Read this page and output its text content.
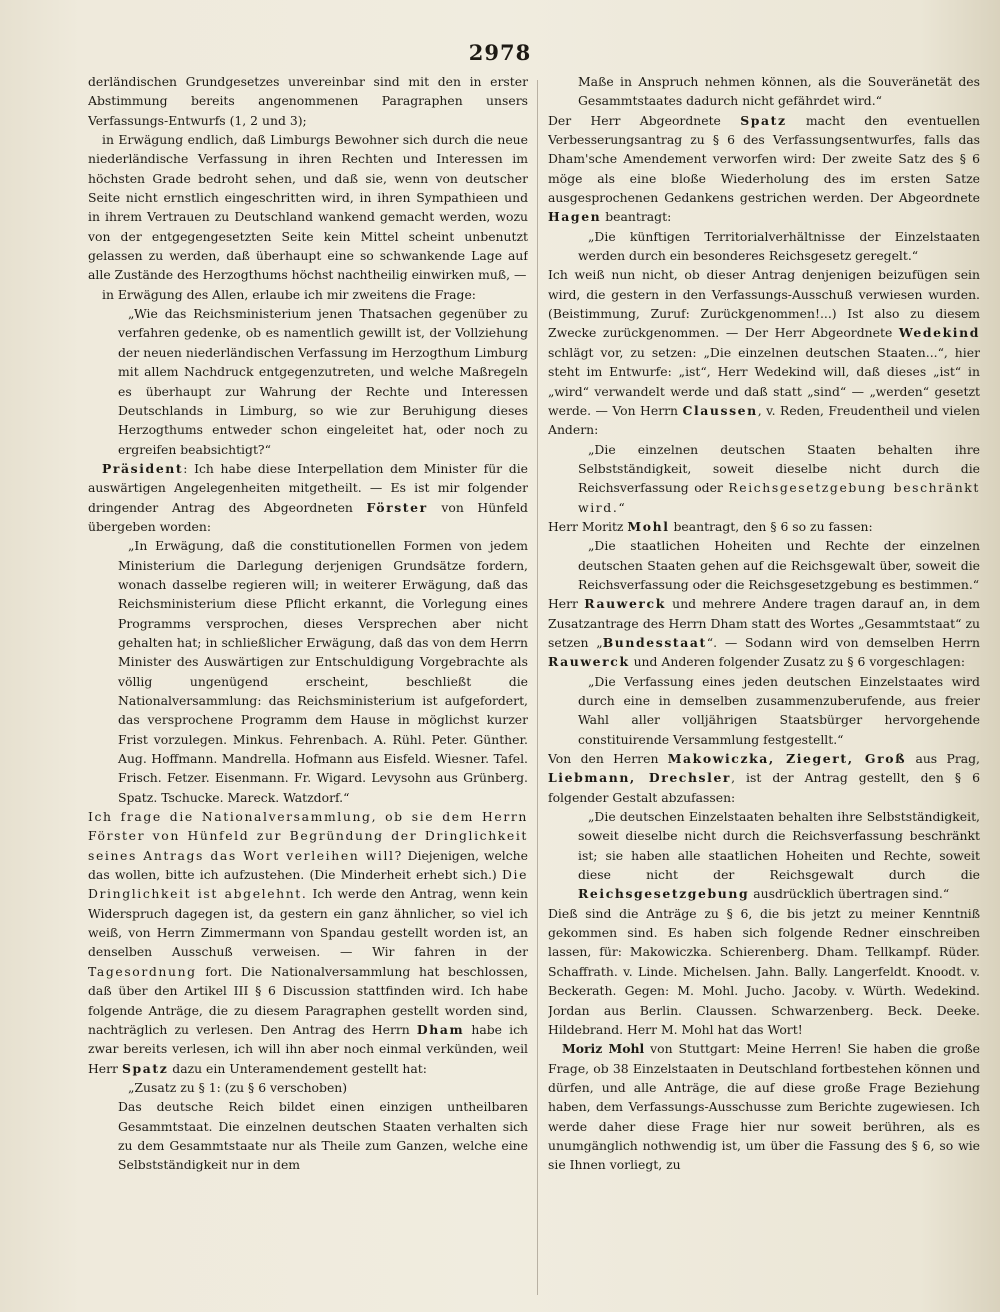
2978

derländischen Grundgesetzes unvereinbar sind mit den in erster Abstimmung bereits angenommenen Paragraphen unsers Verfassungs-Entwurfs (1, 2 und 3);

in Erwägung endlich, daß Limburgs Bewohner sich durch die neue niederländische Verfassung in ihren Rechten und Interessen im höchsten Grade bedroht sehen, und daß sie, wenn von deutscher Seite nicht ernstlich eingeschritten wird, in ihren Sympathieen und in ihrem Vertrauen zu Deutschland wankend gemacht werden, wozu von der entgegengesetzten Seite kein Mittel scheint unbenutzt gelassen zu werden, daß überhaupt eine so schwankende Lage auf alle Zustände des Herzogthums höchst nachtheilig einwirken muß, —

in Erwägung des Allen, erlaube ich mir zweitens die Frage:

„Wie das Reichsministerium jenen Thatsachen gegenüber zu verfahren gedenke, ob es namentlich gewillt ist, der Vollziehung der neuen niederländischen Verfassung im Herzogthum Limburg mit allem Nachdruck entgegenzutreten, und welche Maßregeln es überhaupt zur Wahrung der Rechte und Interessen Deutschlands in Limburg, so wie zur Beruhigung dieses Herzogthums entweder schon eingeleitet hat, oder noch zu ergreifen beabsichtigt?“

Präsident: Ich habe diese Interpellation dem Minister für die auswärtigen Angelegenheiten mitgetheilt. — Es ist mir folgender dringender Antrag des Abgeordneten Förster von Hünfeld übergeben worden:

„In Erwägung, daß die constitutionellen Formen von jedem Ministerium die Darlegung derjenigen Grundsätze fordern, wonach dasselbe regieren will; in weiterer Erwägung, daß das Reichsministerium diese Pflicht erkannt, die Vorlegung eines Programms versprochen, dieses Versprechen aber nicht gehalten hat; in schließlicher Erwägung, daß das von dem Herrn Minister des Auswärtigen zur Entschuldigung Vorgebrachte als völlig ungenügend erscheint, beschließt die Nationalversammlung: das Reichsministerium ist aufgefordert, das versprochene Programm dem Hause in möglichst kurzer Frist vorzulegen. Minkus. Fehrenbach. A. Rühl. Peter. Günther. Aug. Hoffmann. Mandrella. Hofmann aus Eisfeld. Wiesner. Tafel. Frisch. Fetzer. Eisenmann. Fr. Wigard. Levysohn aus Grünberg. Spatz. Tschucke. Mareck. Watzdorf.“

Ich frage die Nationalversammlung, ob sie dem Herrn Förster von Hünfeld zur Begründung der Dringlichkeit seines Antrags das Wort verleihen will? Diejenigen, welche das wollen, bitte ich aufzustehen. (Die Minderheit erhebt sich.) Die Dringlichkeit ist abgelehnt. Ich werde den Antrag, wenn kein Widerspruch dagegen ist, da gestern ein ganz ähnlicher, so viel ich weiß, von Herrn Zimmermann von Spandau gestellt worden ist, an denselben Ausschuß verweisen. — Wir fahren in der Tagesordnung fort. Die Nationalversammlung hat beschlossen, daß über den Artikel III § 6 Discussion stattfinden wird. Ich habe folgende Anträge, die zu diesem Paragraphen gestellt worden sind, nachträglich zu verlesen. Den Antrag des Herrn Dham habe ich zwar bereits verlesen, ich will ihn aber noch einmal verkünden, weil Herr Spatz dazu ein Unteramendement gestellt hat:

„Zusatz zu § 1: (zu § 6 verschoben)

Das deutsche Reich bildet einen einzigen untheilbaren Gesammtstaat. Die einzelnen deutschen Staaten verhalten sich zu dem Gesammtstaate nur als Theile zum Ganzen, welche eine Selbstständigkeit nur in dem

Maße in Anspruch nehmen können, als die Souveränetät des Gesammtstaates dadurch nicht gefährdet wird.“

Der Herr Abgeordnete Spatz macht den eventuellen Verbesserungsantrag zu § 6 des Verfassungsentwurfes, falls das Dham'sche Amendement verworfen wird: Der zweite Satz des § 6 möge als eine bloße Wiederholung des im ersten Satze ausgesprochenen Gedankens gestrichen werden. Der Abgeordnete Hagen beantragt:

„Die künftigen Territorialverhältnisse der Einzelstaaten werden durch ein besonderes Reichsgesetz geregelt.“

Ich weiß nun nicht, ob dieser Antrag denjenigen beizufügen sein wird, die gestern in den Verfassungs-Ausschuß verwiesen wurden. (Beistimmung, Zuruf: Zurückgenommen!...) Ist also zu diesem Zwecke zurückgenommen. — Der Herr Abgeordnete Wedekind schlägt vor, zu setzen: „Die einzelnen deutschen Staaten...“, hier steht im Entwurfe: „ist“, Herr Wedekind will, daß dieses „ist“ in „wird“ verwandelt werde und daß statt „sind“ — „werden“ gesetzt werde. — Von Herrn Claussen, v. Reden, Freudentheil und vielen Andern:

„Die einzelnen deutschen Staaten behalten ihre Selbstständigkeit, soweit dieselbe nicht durch die Reichsverfassung oder Reichsgesetzgebung beschränkt wird.“

Herr Moritz Mohl beantragt, den § 6 so zu fassen:

„Die staatlichen Hoheiten und Rechte der einzelnen deutschen Staaten gehen auf die Reichsgewalt über, soweit die Reichsverfassung oder die Reichsgesetzgebung es bestimmen.“

Herr Rauwerck und mehrere Andere tragen darauf an, in dem Zusatzantrage des Herrn Dham statt des Wortes „Gesammtstaat“ zu setzen „Bundesstaat“. — Sodann wird von demselben Herrn Rauwerck und Anderen folgender Zusatz zu § 6 vorgeschlagen:

„Die Verfassung eines jeden deutschen Einzelstaates wird durch eine in demselben zusammenzuberufende, aus freier Wahl aller volljährigen Staatsbürger hervorgehende constituirende Versammlung festgestellt.“

Von den Herren Makowiczka, Ziegert, Groß aus Prag, Liebmann, Drechsler, ist der Antrag gestellt, den § 6 folgender Gestalt abzufassen:

„Die deutschen Einzelstaaten behalten ihre Selbstständigkeit, soweit dieselbe nicht durch die Reichsverfassung beschränkt ist; sie haben alle staatlichen Hoheiten und Rechte, soweit diese nicht der Reichsgewalt durch die Reichsgesetzgebung ausdrücklich übertragen sind.“

Dieß sind die Anträge zu § 6, die bis jetzt zu meiner Kenntniß gekommen sind. Es haben sich folgende Redner einschreiben lassen, für: Makowiczka. Schierenberg. Dham. Tellkampf. Rüder. Schaffrath. v. Linde. Michelsen. Jahn. Bally. Langerfeldt. Knoodt. v. Beckerath. Gegen: M. Mohl. Jucho. Jacoby. v. Würth. Wedekind. Jordan aus Berlin. Claussen. Schwarzenberg. Beck. Deeke. Hildebrand. Herr M. Mohl hat das Wort!

Moriz Mohl von Stuttgart: Meine Herren! Sie haben die große Frage, ob 38 Einzelstaaten in Deutschland fortbestehen können und dürfen, und alle Anträge, die auf diese große Frage Beziehung haben, dem Verfassungs-Ausschusse zum Berichte zugewiesen. Ich werde daher diese Frage hier nur soweit berühren, als es unumgänglich nothwendig ist, um über die Fassung des § 6, so wie sie Ihnen vorliegt, zu
